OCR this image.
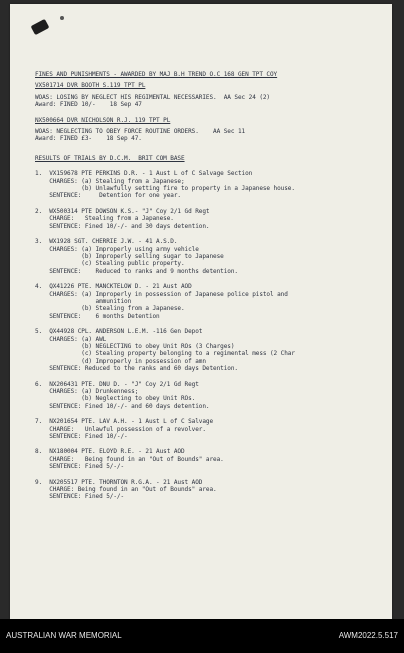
FINES AND PUNISHMENTS - AWARDED BY MAJ B.H TREND O.C 168 GEN TPT COY
VX501714 DVR BOOTH S.119 TPT PL
WOAS: LOSING BY NEGLECT HIS REGIMENTAL NECESSARIES.  AA Sec 24 (2)
Award: FINED 10/-    18 Sep 47
NX500664 DVR NICHOLSON R.J. 119 TPT PL
WOAS: NEGLECTING TO OBEY FORCE ROUTINE ORDERS.    AA Sec 11
Award: FINED £3-    18 Sep 47.
RESULTS OF TRIALS BY D.C.M.  BRIT COM BASE
1.  VX159678 PTE PERKINS D.R. - 1 Aust L of C Salvage Section
CHARGES: (a) Stealing from a Japanese;
(b) Unlawfully setting fire to property in a Japanese house.
SENTENCE:     Detention for one year.
2.  WX500314 PTE DOWSON K.S.- "J" Coy 2/1 Gd Regt
CHARGE:   Stealing from a Japanese.
SENTENCE: Fined 10/-/- and 30 days detention.
3.  WX1928 SGT. CHERRIE J.W. - 41 A.S.D.
CHARGES: (a) Improperly using army vehicle
(b) Improperly selling sugar to Japanese
(c) Stealing public property.
SENTENCE:    Reduced to ranks and 9 months detention.
4.  QX41226 PTE. MANCKTELOW D. - 21 Aust AOD
CHARGES: (a) Improperly in possession of Japanese police pistol and
ammunition
(b) Stealing from a Japanese.
SENTENCE:    6 months Detention
5.  QX44928 CPL. ANDERSON L.E.M. -116 Gen Depot
CHARGES: (a) AWL
(b) NEGLECTING to obey Unit ROs (3 Charges)
(c) Stealing property belonging to a regimental mess (2 Char
(d) Improperly in possession of amn
SENTENCE: Reduced to the ranks and 60 days Detention.
6.  NX206431 PTE. DNU D. - "J" Coy 2/1 Gd Regt
CHARGES: (a) Drunkenness;
(b) Neglecting to obey Unit ROs.
SENTENCE: Fined 10/-/- and 60 days detention.
7.  NX201654 PTE. LAV A.H. - 1 Aust L of C Salvage
CHARGE:   Unlawful possession of a revolver.
SENTENCE: Fined 10/-/-
8.  NX180004 PTE. ELOYD R.E. - 21 Aust AOD
CHARGE:   Being found in an "Out of Bounds" area.
SENTENCE: Fined 5/-/-
9.  NX205517 PTE. THORNTON R.G.A. - 21 Aust AOD
CHARGE: Being found in an "Out of Bounds" area.
SENTENCE: Fined 5/-/-
AUSTRALIAN WAR MEMORIAL	AWM2022.5.517
